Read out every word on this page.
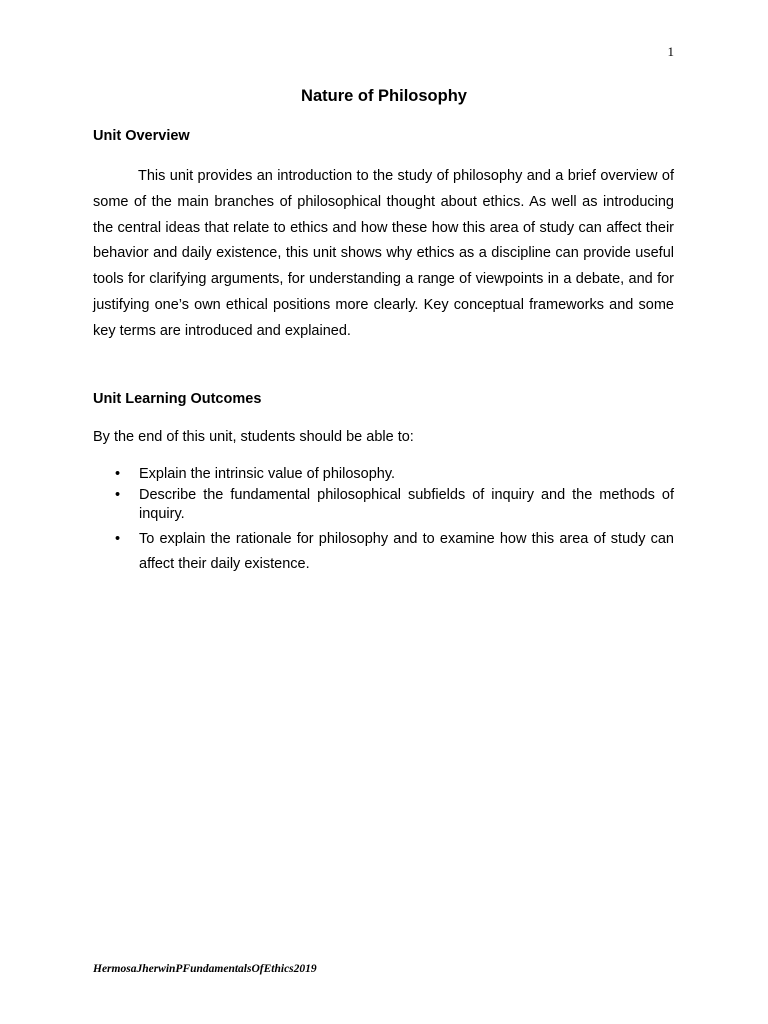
1
Nature of Philosophy
Unit Overview

This unit provides an introduction to the study of philosophy and a brief overview of some of the main branches of philosophical thought about ethics. As well as introducing the central ideas that relate to ethics and how these how this area of study can affect their behavior and daily existence, this unit shows why ethics as a discipline can provide useful tools for clarifying arguments, for understanding a range of viewpoints in a debate, and for justifying one’s own ethical positions more clearly. Key conceptual frameworks and some key terms are introduced and explained.

Unit Learning Outcomes

By the end of this unit, students should be able to:

• Explain the intrinsic value of philosophy.
• Describe the fundamental philosophical subfields of inquiry and the methods of inquiry.
• To explain the rationale for philosophy and to examine how this area of study can affect their daily existence.

HermosaJherwinPFundamentalsOfEthics2019
